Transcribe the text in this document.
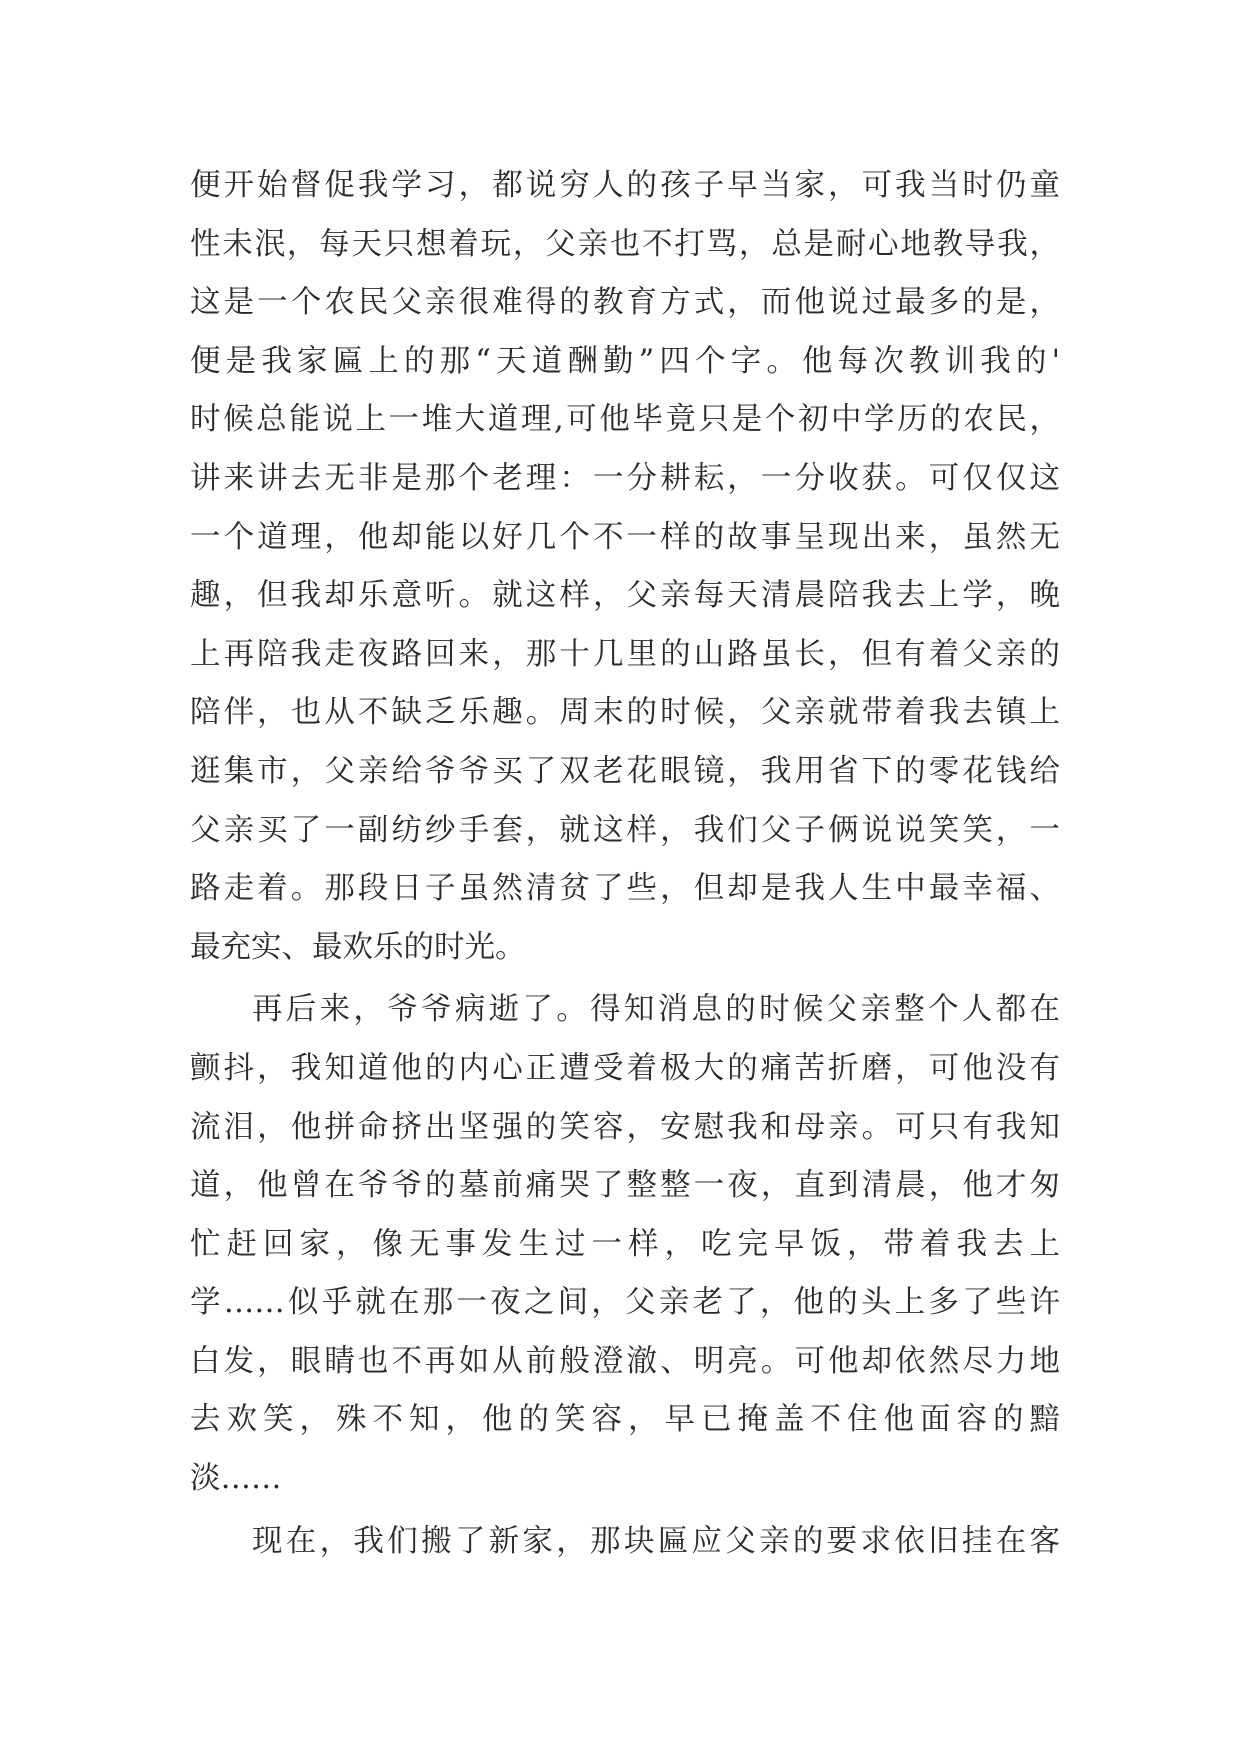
便开始督促我学习，都说穷人的孩子早当家，可我当时仍童
性未泯，每天只想着玩，父亲也不打骂，总是耐心地教导我，
这是一个农民父亲很难得的教育方式，而他说过最多的是，
便是我家匾上的那“天道酬勤”四个字。他每次教训我的'
时候总能说上一堆大道理,可他毕竟只是个初中学历的农民，
讲来讲去无非是那个老理：一分耕耘，一分收获。可仅仅这
一个道理，他却能以好几个不一样的故事呈现出来，虽然无
趣，但我却乐意听。就这样，父亲每天清晨陪我去上学，晚
上再陪我走夜路回来，那十几里的山路虽长，但有着父亲的
陪伴，也从不缺乏乐趣。周末的时候，父亲就带着我去镇上
逛集市，父亲给爷爷买了双老花眼镜，我用省下的零花钱给
父亲买了一副纺纱手套，就这样，我们父子俩说说笑笑，一
路走着。那段日子虽然清贫了些，但却是我人生中最幸福、
最充实、最欢乐的时光。
再后来，爷爷病逝了。得知消息的时候父亲整个人都在
颤抖，我知道他的内心正遭受着极大的痛苦折磨，可他没有
流泪，他拼命挤出坚强的笑容，安慰我和母亲。可只有我知
道，他曾在爷爷的墓前痛哭了整整一夜，直到清晨，他才匆
忙赶回家，像无事发生过一样，吃完早饭，带着我去上
学……似乎就在那一夜之间，父亲老了，他的头上多了些许
白发，眼睛也不再如从前般澄澈、明亮。可他却依然尽力地
去欢笑，殊不知，他的笑容，早已掩盖不住他面容的黯
淡……
现在，我们搬了新家，那块匾应父亲的要求依旧挂在客
